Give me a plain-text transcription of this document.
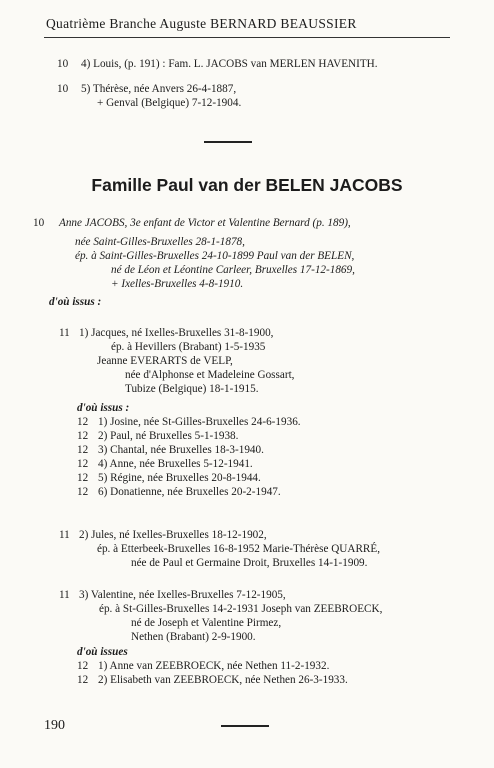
Quatrième Branche Auguste BERNARD BEAUSSIER
10 4) Louis, (p. 191) : Fam. L. JACOBS van MERLEN HAVENITH.
10 5) Thérèse, née Anvers 26-4-1887,
+ Genval (Belgique) 7-12-1904.
Famille Paul van der BELEN JACOBS
10 Anne JACOBS, 3e enfant de Victor et Valentine Bernard (p. 189),
née Saint-Gilles-Bruxelles 28-1-1878,
ép. à Saint-Gilles-Bruxelles 24-10-1899 Paul van der BELEN,
né de Léon et Léontine Carleer, Bruxelles 17-12-1869,
+ Ixelles-Bruxelles 4-8-1910.
d'où issus :
11 1) Jacques, né Ixelles-Bruxelles 31-8-1900,
ép. à Hevillers (Brabant) 1-5-1935
Jeanne EVERARTS de VELP,
née d'Alphonse et Madeleine Gossart,
Tubize (Belgique) 18-1-1915.
d'où issus :
12 1) Josine, née St-Gilles-Bruxelles 24-6-1936.
12 2) Paul, né Bruxelles 5-1-1938.
12 3) Chantal, née Bruxelles 18-3-1940.
12 4) Anne, née Bruxelles 5-12-1941.
12 5) Régine, née Bruxelles 20-8-1944.
12 6) Donatienne, née Bruxelles 20-2-1947.
11 2) Jules, né Ixelles-Bruxelles 18-12-1902,
ép. à Etterbeek-Bruxelles 16-8-1952 Marie-Thérèse QUARRÉ,
née de Paul et Germaine Droit, Bruxelles 14-1-1909.
11 3) Valentine, née Ixelles-Bruxelles 7-12-1905,
ép. à St-Gilles-Bruxelles 14-2-1931 Joseph van ZEEBROECK,
né de Joseph et Valentine Pirmez,
Nethen (Brabant) 2-9-1900.
d'où issues
12 1) Anne van ZEEBROECK, née Nethen 11-2-1932.
12 2) Elisabeth van ZEEBROECK, née Nethen 26-3-1933.
190
